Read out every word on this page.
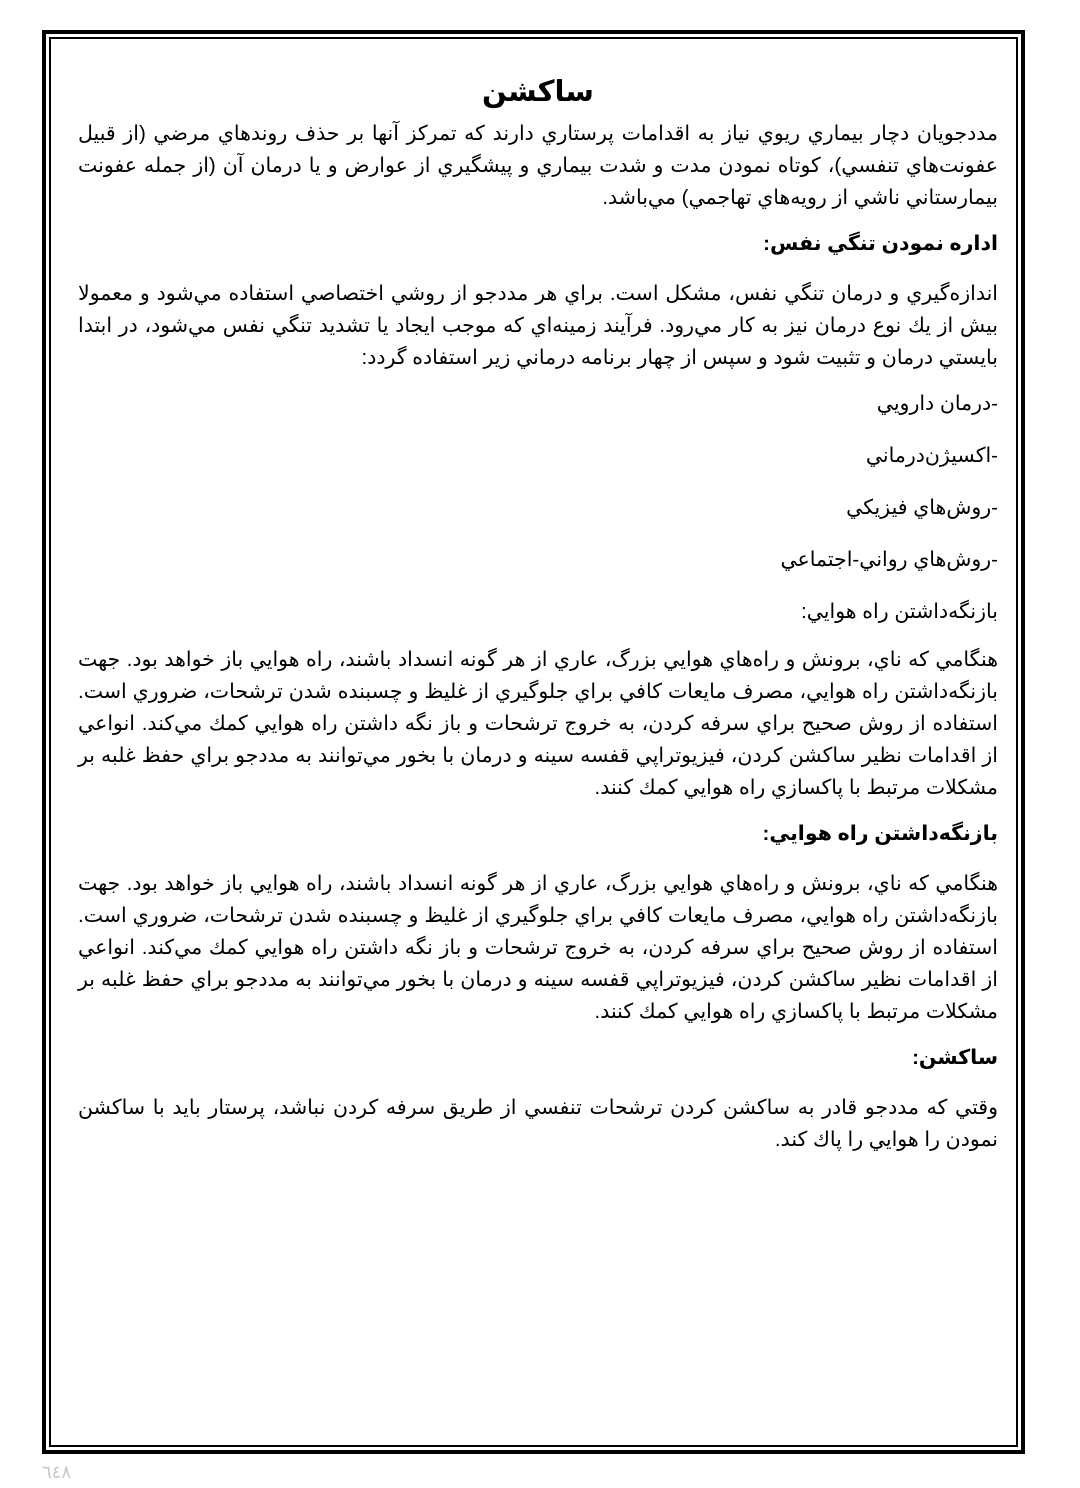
ساكشن

مددجويان دچار بيماري ريوي نياز به اقدامات پرستاري دارند كه تمركز آنها بر حذف روندهاي مرضي (از قبيل عفونت‌هاي تنفسي)، كوتاه نمودن مدت و شدت بيماري و پيشگيري از عوارض و يا درمان آن (از جمله عفونت بيمارستاني ناشي از رويه‌هاي تهاجمي) مي‌باشد.

اداره نمودن تنگي نفس:

اندازه‌گيري و درمان تنگي نفس، مشكل است. براي هر مددجو از روشي اختصاصي استفاده مي‌شود و معمولا بيش از يك نوع درمان نيز به كار مي‌رود. فرآيند زمينه‌اي كه موجب ايجاد يا تشديد تنگي نفس مي‌شود، در ابتدا بايستي درمان و تثبيت شود و سپس از چهار برنامه درماني زير استفاده گردد:

-درمان دارويي

-اكسيژن‌درماني

-روش‌هاي فيزيكي

-روش‌هاي رواني-اجتماعي

بازنگه‌داشتن راه هوايي:

هنگامي كه ناي، برونش و راه‌هاي هوايي بزرگ، عاري از هر گونه انسداد باشند، راه هوايي باز خواهد بود. جهت بازنگه‌داشتن راه هوايي، مصرف مايعات كافي براي جلوگيري از غليظ و چسبنده شدن ترشحات، ضروري است. استفاده از روش صحيح براي سرفه كردن، به خروج ترشحات و باز نگه داشتن راه هوايي كمك مي‌كند. انواعي از اقدامات نظير ساكشن كردن، فيزيوتراپي قفسه سينه و درمان با بخور مي‌توانند به مددجو براي حفظ غلبه بر مشكلات مرتبط با پاكسازي راه هوايي كمك كنند.

بازنگه‌داشتن راه هوايي:

هنگامي كه ناي، برونش و راه‌هاي هوايي بزرگ، عاري از هر گونه انسداد باشند، راه هوايي باز خواهد بود. جهت بازنگه‌داشتن راه هوايي، مصرف مايعات كافي براي جلوگيري از غليظ و چسبنده شدن ترشحات، ضروري است. استفاده از روش صحيح براي سرفه كردن، به خروج ترشحات و باز نگه داشتن راه هوايي كمك مي‌كند. انواعي از اقدامات نظير ساكشن كردن، فيزيوتراپي قفسه سينه و درمان با بخور مي‌توانند به مددجو براي حفظ غلبه بر مشكلات مرتبط با پاكسازي راه هوايي كمك كنند.

ساكشن:

وقتي كه مددجو قادر به ساكشن كردن ترشحات تنفسي از طريق سرفه كردن نباشد، پرستار بايد با ساكشن نمودن را هوايي را پاك كند.

٦٤٨
